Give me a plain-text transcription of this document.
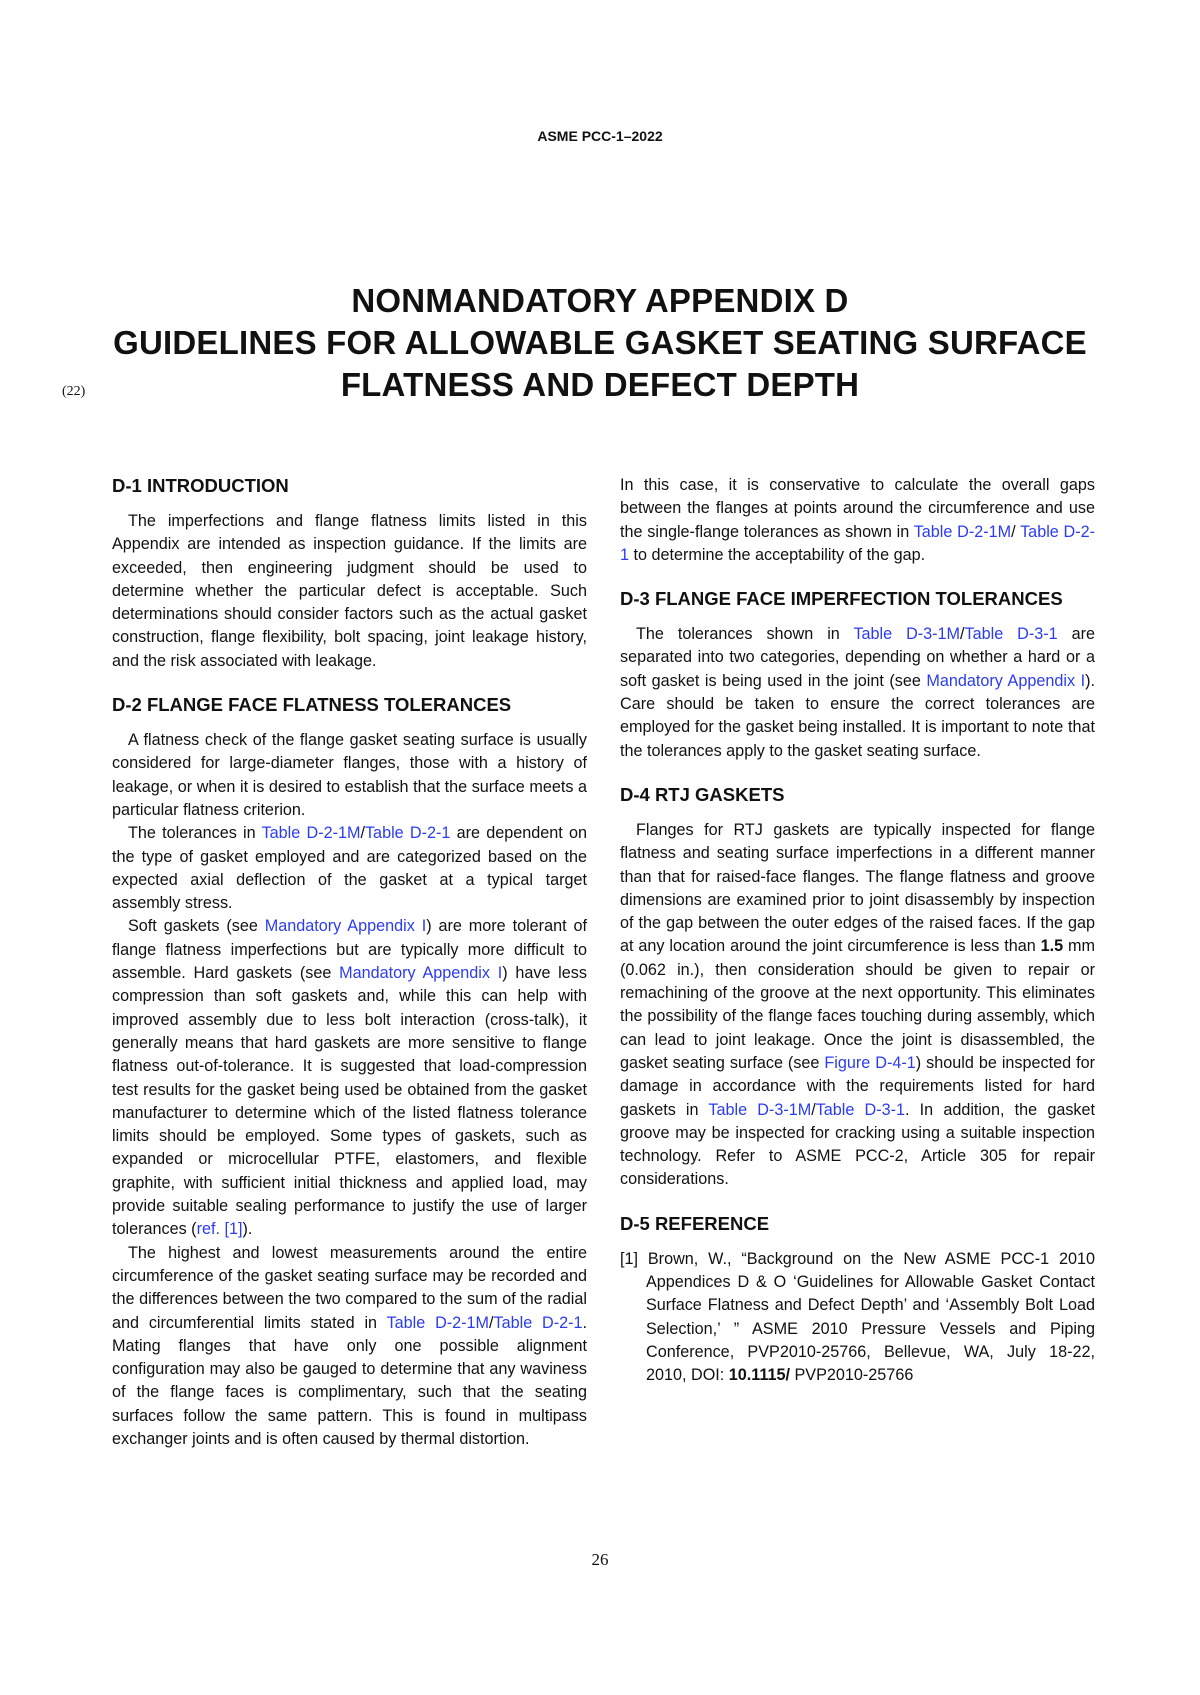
ASME PCC-1–2022
NONMANDATORY APPENDIX D
GUIDELINES FOR ALLOWABLE GASKET SEATING SURFACE
FLATNESS AND DEFECT DEPTH
(22)
D-1 INTRODUCTION

The imperfections and flange flatness limits listed in this Appendix are intended as inspection guidance. If the limits are exceeded, then engineering judgment should be used to determine whether the particular defect is acceptable. Such determinations should consider factors such as the actual gasket construction, flange flexibility, bolt spacing, joint leakage history, and the risk associated with leakage.

D-2 FLANGE FACE FLATNESS TOLERANCES

A flatness check of the flange gasket seating surface is usually considered for large-diameter flanges, those with a history of leakage, or when it is desired to establish that the surface meets a particular flatness criterion.

The tolerances in Table D-2-1M/Table D-2-1 are dependent on the type of gasket employed and are categorized based on the expected axial deflection of the gasket at a typical target assembly stress.

Soft gaskets (see Mandatory Appendix I) are more tolerant of flange flatness imperfections but are typically more difficult to assemble. Hard gaskets (see Mandatory Appendix I) have less compression than soft gaskets and, while this can help with improved assembly due to less bolt interaction (cross-talk), it generally means that hard gaskets are more sensitive to flange flatness out-of-tolerance. It is suggested that load-compression test results for the gasket being used be obtained from the gasket manufacturer to determine which of the listed flatness tolerance limits should be employed. Some types of gaskets, such as expanded or microcellular PTFE, elastomers, and flexible graphite, with sufficient initial thickness and applied load, may provide suitable sealing performance to justify the use of larger tolerances (ref. [1]).

The highest and lowest measurements around the entire circumference of the gasket seating surface may be recorded and the differences between the two compared to the sum of the radial and circumferential limits stated in Table D-2-1M/Table D-2-1. Mating flanges that have only one possible alignment configuration may also be gauged to determine that any waviness of the flange faces is complimentary, such that the seating surfaces follow the same pattern. This is found in multipass exchanger joints and is often caused by thermal distortion.

In this case, it is conservative to calculate the overall gaps between the flanges at points around the circumference and use the single-flange tolerances as shown in Table D-2-1M/ Table D-2-1 to determine the acceptability of the gap.

D-3 FLANGE FACE IMPERFECTION TOLERANCES

The tolerances shown in Table D-3-1M/Table D-3-1 are separated into two categories, depending on whether a hard or a soft gasket is being used in the joint (see Mandatory Appendix I). Care should be taken to ensure the correct tolerances are employed for the gasket being installed. It is important to note that the tolerances apply to the gasket seating surface.

D-4 RTJ GASKETS

Flanges for RTJ gaskets are typically inspected for flange flatness and seating surface imperfections in a different manner than that for raised-face flanges. The flange flatness and groove dimensions are examined prior to joint disassembly by inspection of the gap between the outer edges of the raised faces. If the gap at any location around the joint circumference is less than 1.5 mm (0.062 in.), then consideration should be given to repair or remachining of the groove at the next opportunity. This eliminates the possibility of the flange faces touching during assembly, which can lead to joint leakage. Once the joint is disassembled, the gasket seating surface (see Figure D-4-1) should be inspected for damage in accordance with the requirements listed for hard gaskets in Table D-3-1M/Table D-3-1. In addition, the gasket groove may be inspected for cracking using a suitable inspection technology. Refer to ASME PCC-2, Article 305 for repair considerations.

D-5 REFERENCE

[1] Brown, W., “Background on the New ASME PCC-1 2010 Appendices D & O ‘Guidelines for Allowable Gasket Contact Surface Flatness and Defect Depth’ and ‘Assembly Bolt Load Selection,’ ” ASME 2010 Pressure Vessels and Piping Conference, PVP2010-25766, Bellevue, WA, July 18-22, 2010, DOI: 10.1115/ PVP2010-25766

26
